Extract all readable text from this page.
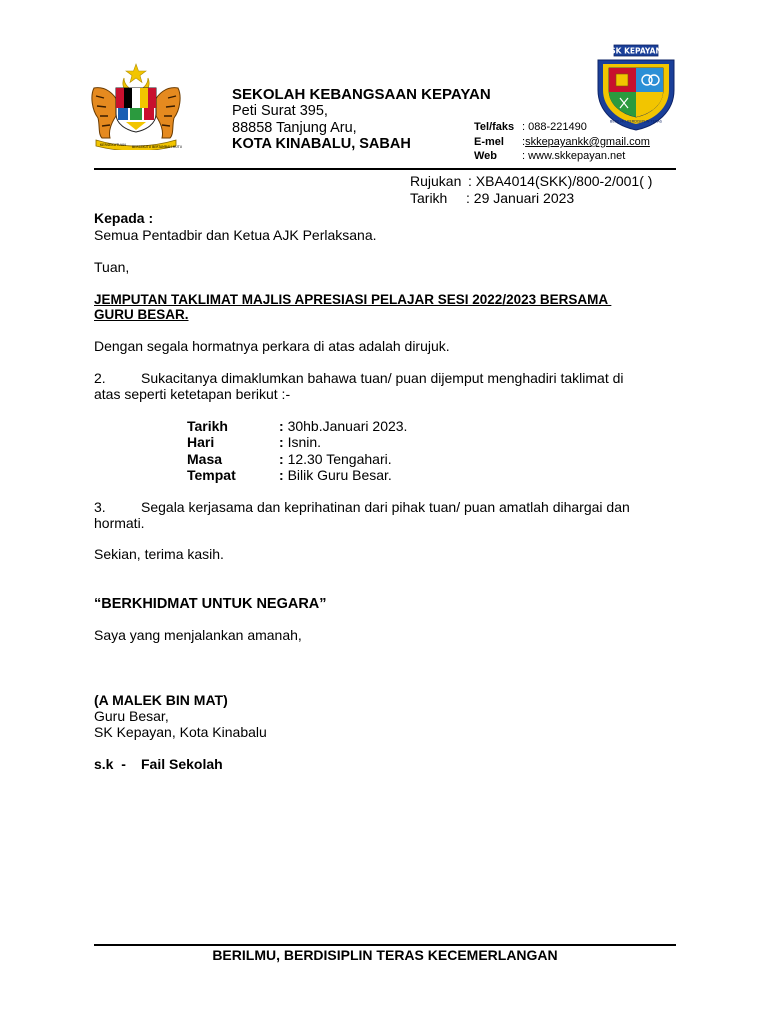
KERSEKUTUAN BERSEKUTU BERTAMBAH MUTU
SK KEPAYAN
BERILMU BERDISIPLIN TERAS
SEKOLAH KEBANGSAAN KEPAYAN
Peti Surat 395,
88858 Tanjung Aru,
KOTA KINABALU, SABAH
Tel/faks : 088-221490
E-mel :skkepayankk@gmail.com
Web : www.skkepayan.net
Rujukan : XBA4014(SKK)/800-2/001( )
Tarikh : 29 Januari 2023
Kepada :
Semua Pentadbir dan Ketua AJK Perlaksana.
Tuan,
JEMPUTAN TAKLIMAT MAJLIS APRESIASI PELAJAR SESI 2022/2023 BERSAMA
GURU BESAR.
Dengan segala hormatnya perkara di atas adalah dirujuk.
2.	Sukacitanya dimaklumkan bahawa tuan/ puan dijemput menghadiri taklimat di
atas seperti ketetapan berikut :-
Tarikh	: 30hb.Januari 2023.
Hari	: Isnin.
Masa	: 12.30 Tengahari.
Tempat	: Bilik Guru Besar.
3.	Segala kerjasama dan keprihatinan dari pihak tuan/ puan amatlah dihargai dan
hormati.
Sekian, terima kasih.
“BERKHIDMAT UNTUK NEGARA”
Saya yang menjalankan amanah,
(A MALEK BIN MAT)
Guru Besar,
SK Kepayan, Kota Kinabalu
s.k  - Fail Sekolah
BERILMU, BERDISIPLIN TERAS KECEMERLANGAN
